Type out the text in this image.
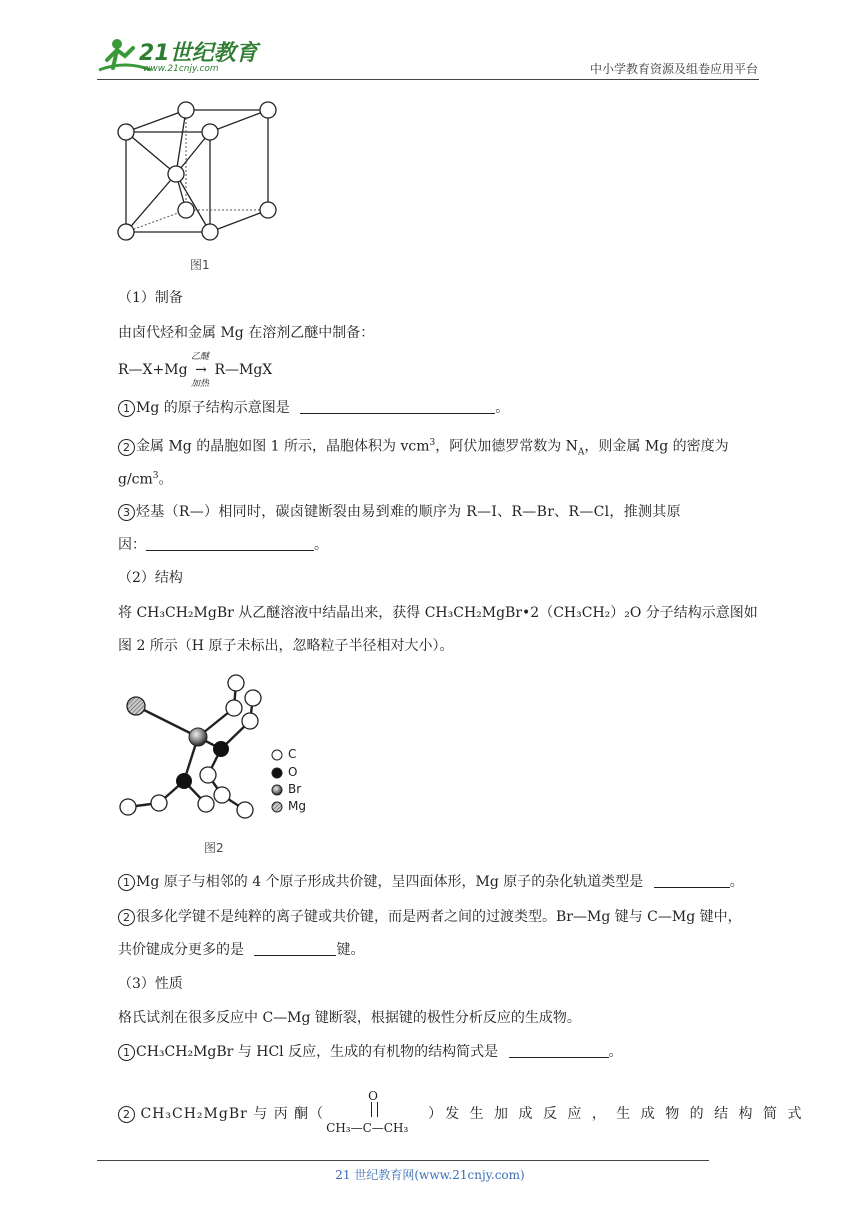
21世纪教育
www.21cnjy.com	中小学教育资源及组卷应用平台
图1
（1）制备
由卤代烃和金属 Mg 在溶剂乙醚中制备：
R—X+Mg →
乙醚
加热
R—MgX
1 Mg 的原子结构示意图是	。
2 金属 Mg 的晶胞如图 1 所示，晶胞体积为 vcm$^3$，阿伏加德罗常数为 $N_A$，则金属 Mg 的密度为
$g/cm^3$。
3 烃基（R—）相同时，碳卤键断裂由易到难的顺序为 R—I、R—Br、R—Cl，推测其原
因：	。
（2）结构
将 CH₃CH₂MgBr 从乙醚溶液中结晶出来，获得 CH₃CH₂MgBr•2（CH₃CH₂）₂O 分子结构示意图如
图 2 所示（H 原子未标出，忽略粒子半径相对大小）。
C
O
Br
Mg
图2
1 Mg 原子与相邻的 4 个原子形成共价键，呈四面体形，Mg 原子的杂化轨道类型是	。
2 很多化学键不是纯粹的离子键或共价键，而是两者之间的过渡类型。Br—Mg 键与 C—Mg 键中，
共价键成分更多的是	键。
（3）性质
格氏试剂在很多反应中 C—Mg 键断裂，根据键的极性分析反应的生成物。
1 CH₃CH₂MgBr 与 HCl 反应，生成的有机物的结构简式是	。
2 CH₃CH₂MgBr 与 丙 酮（
O
CH₃—C—CH₃
）发 生 加 成 反 应 ， 生 成 物 的 结 构 简 式
21 世纪教育网(www.21cnjy.com)
